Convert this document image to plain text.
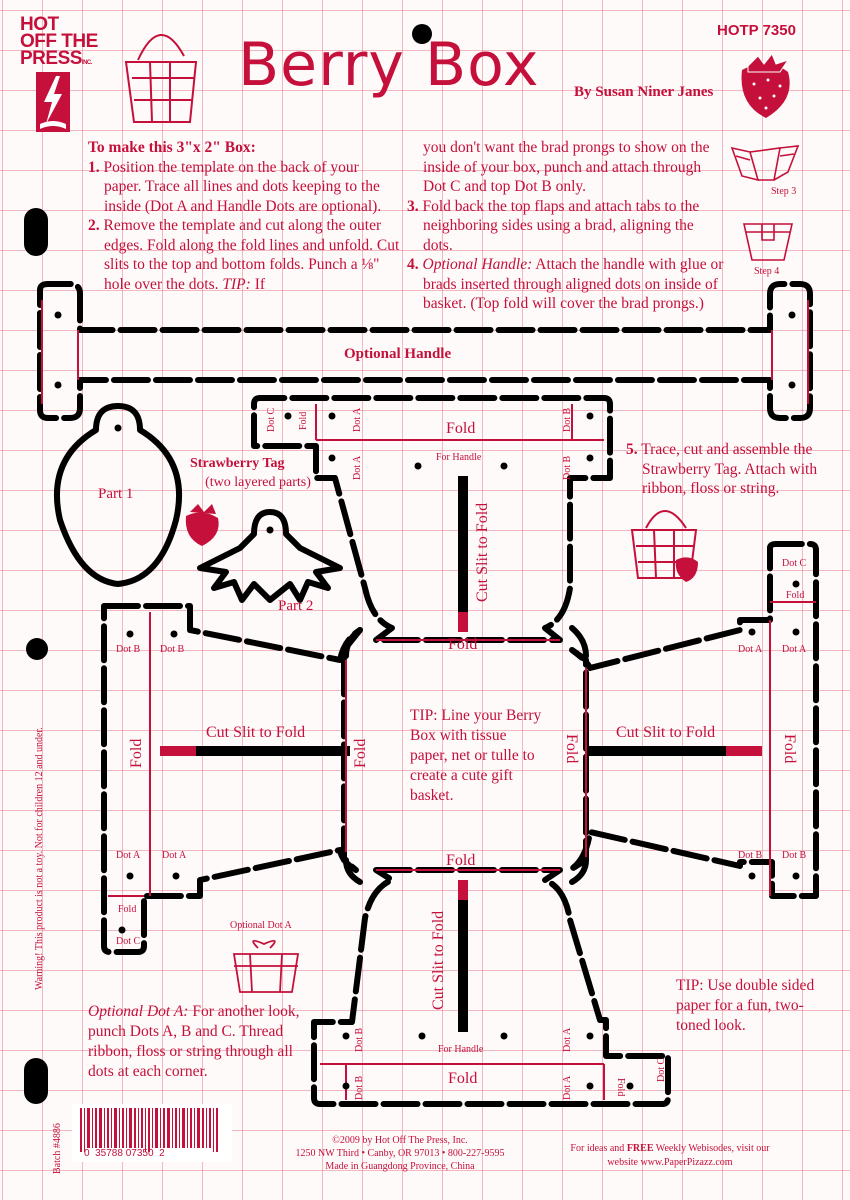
HOT
OFF THE
PRESSINC.	Berry Box	HOTP 7350
By Susan Niner Janes

To make this 3"x 2" Box:

1. Position the template on the back of your paper. Trace all lines and dots keeping to the inside (Dot A and Handle Dots are optional).

2. Remove the template and cut along the outer edges. Fold along the fold lines and unfold. Cut slits to the top and bottom folds. Punch a ⅛" hole over the dots. TIP: If

you don't want the brad prongs to show on the inside of your box, punch and attach through Dot C and top Dot B only.

3. Fold back the top flaps and attach tabs to the neighboring sides using a brad, aligning the dots.

4. Optional Handle: Attach the handle with glue or brads inserted through aligned dots on inside of basket. (Top fold will cover the brad prongs.)

Step 3
Step 4
5. Trace, cut and assemble the Strawberry Tag. Attach with ribbon, floss or string.
Optional Handle
Fold
Fold
Fold
Fold
Fold	Fold	Fold	Fold
Fold
Fold
Fold
Fold
Cut Slit to Fold	Cut Slit to Fold
Cut Slit to Fold
Cut Slit to Fold
For Handle
For Handle
Dot B Dot B
Dot A Dot A
Dot C
Dot C
Dot A Dot A
Dot B Dot B
Dot C	Dot A
Dot A
Dot B
Dot B
Dot B
Dot B
Dot A
Dot A
Dot C
Part 1
Part 2
Strawberry Tag
(two layered parts)
Optional Dot A
TIP: Line your Berry Box with tissue paper, net or tulle to create a cute gift basket.
TIP: Use double sided paper for a fun, two-toned look.
Optional Dot A: For another look, punch Dots A, B and C. Thread ribbon, floss or string through all dots at each corner.
Warning! This product is not a toy. Not for children 12 and under.
Batch #4886 0  35788 07350  2
©2009 by Hot Off The Press, Inc.
1250 NW Third • Canby, OR 97013 • 800-227-9595
Made in Guangdong Province, China
For ideas and FREE Weekly Webisodes, visit our
website www.PaperPizazz.com
